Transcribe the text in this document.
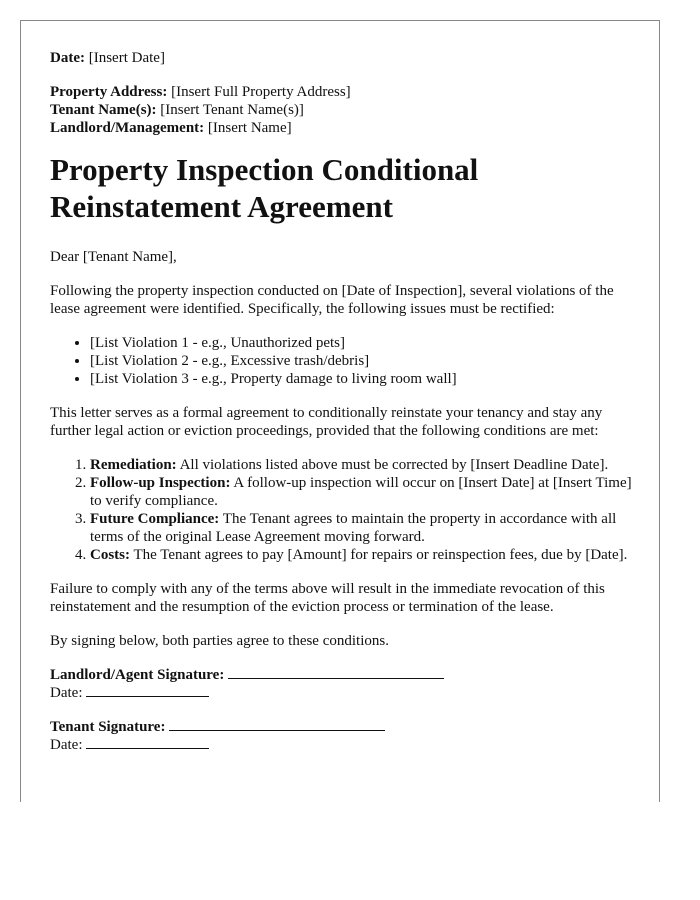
Date: [Insert Date]
Property Address: [Insert Full Property Address]
Tenant Name(s): [Insert Tenant Name(s)]
Landlord/Management: [Insert Name]
Property Inspection Conditional Reinstatement Agreement

Dear [Tenant Name],

Following the property inspection conducted on [Date of Inspection], several violations of the lease agreement were identified. Specifically, the following issues must be rectified:

• [List Violation 1 - e.g., Unauthorized pets]
• [List Violation 2 - e.g., Excessive trash/debris]
• [List Violation 3 - e.g., Property damage to living room wall]

This letter serves as a formal agreement to conditionally reinstate your tenancy and stay any further legal action or eviction proceedings, provided that the following conditions are met:

1. Remediation: All violations listed above must be corrected by [Insert Deadline Date].
2. Follow-up Inspection: A follow-up inspection will occur on [Insert Date] at [Insert Time] to verify compliance.
3. Future Compliance: The Tenant agrees to maintain the property in accordance with all terms of the original Lease Agreement moving forward.
4. Costs: The Tenant agrees to pay [Amount] for repairs or reinspection fees, due by [Date].

Failure to comply with any of the terms above will result in the immediate revocation of this reinstatement and the resumption of the eviction process or termination of the lease.

By signing below, both parties agree to these conditions.

Landlord/Agent Signature:
Date:
Tenant Signature:
Date:
